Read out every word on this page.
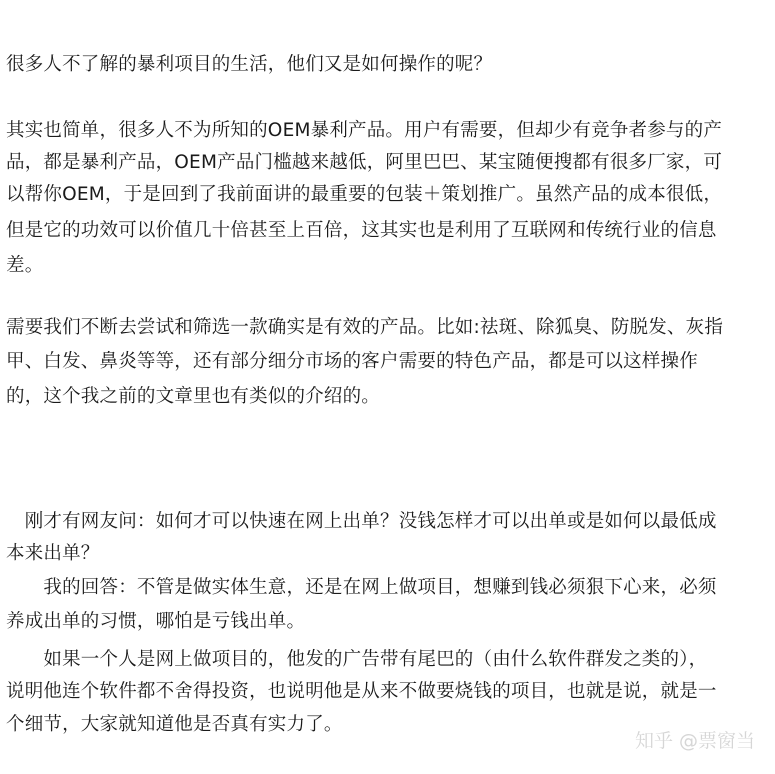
很多人不了解的暴利项目的生活，他们又是如何操作的呢？

其实也简单，很多人不为所知的OEM暴利产品。用户有需要，但却少有竞争者参与的产

品，都是暴利产品，OEM产品门槛越来越低，阿里巴巴、某宝随便搜都有很多厂家，可

以帮你OEM，于是回到了我前面讲的最重要的包装＋策划推广。虽然产品的成本很低，

但是它的功效可以价值几十倍甚至上百倍，这其实也是利用了互联网和传统行业的信息

差。

需要我们不断去尝试和筛选一款确实是有效的产品。比如:祛斑、除狐臭、防脱发、灰指

甲、白发、鼻炎等等，还有部分细分市场的客户需要的特色产品，都是可以这样操作

的，这个我之前的文章里也有类似的介绍的。

　刚才有网友问：如何才可以快速在网上出单？没钱怎样才可以出单或是如何以最低成

本来出单？

　　我的回答：不管是做实体生意，还是在网上做项目，想赚到钱必须狠下心来，必须

养成出单的习惯，哪怕是亏钱出单。

　　如果一个人是网上做项目的，他发的广告带有尾巴的（由什么软件群发之类的），

说明他连个软件都不舍得投资，也说明他是从来不做要烧钱的项目，也就是说，就是一

个细节，大家就知道他是否真有实力了。

知乎 @票窗当
